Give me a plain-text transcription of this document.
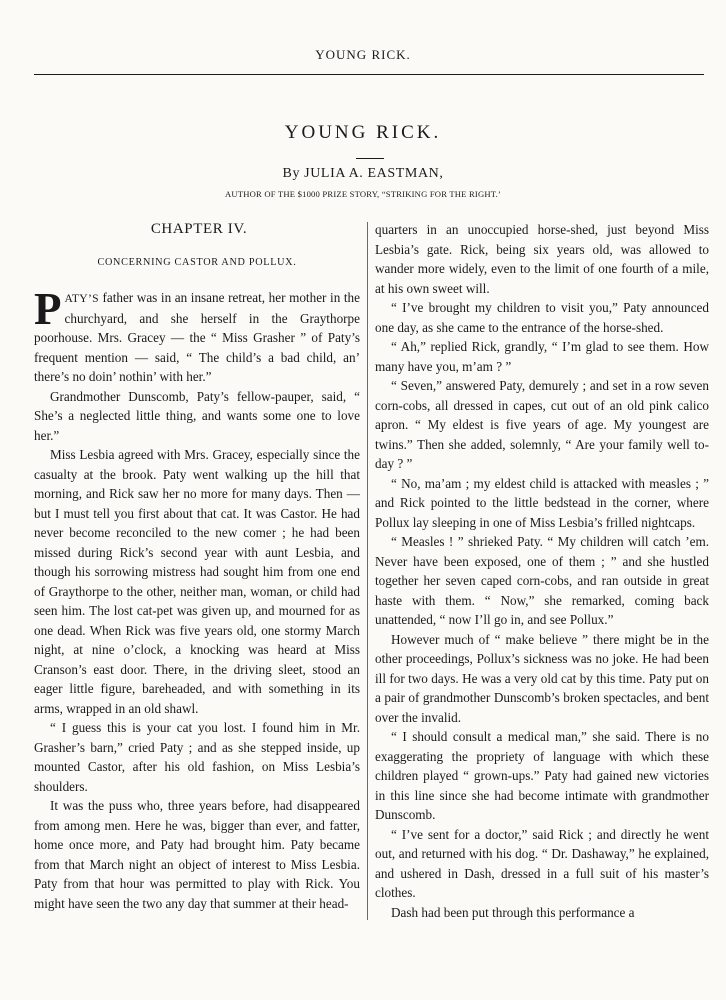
YOUNG RICK.
YOUNG RICK.
By JULIA A. EASTMAN,
AUTHOR OF THE $1000 PRIZE STORY, “STRIKING FOR THE RIGHT.’
CHAPTER IV.
CONCERNING CASTOR AND POLLUX.

PATY’S father was in an insane retreat, her mother in the churchyard, and she herself in the Graythorpe poorhouse. Mrs. Gracey — the “ Miss Grasher ” of Paty’s frequent mention — said, “ The child’s a bad child, an’ there’s no doin’ nothin’ with her.”

Grandmother Dunscomb, Paty’s fellow-pauper, said, “ She’s a neglected little thing, and wants some one to love her.”

Miss Lesbia agreed with Mrs. Gracey, especially since the casualty at the brook. Paty went walking up the hill that morning, and Rick saw her no more for many days. Then — but I must tell you first about that cat. It was Castor. He had never become reconciled to the new comer ; he had been missed during Rick’s second year with aunt Lesbia, and though his sorrowing mistress had sought him from one end of Graythorpe to the other, neither man, woman, or child had seen him. The lost cat-pet was given up, and mourned for as one dead. When Rick was five years old, one stormy March night, at nine o’clock, a knocking was heard at Miss Cranson’s east door. There, in the driving sleet, stood an eager little figure, bareheaded, and with something in its arms, wrapped in an old shawl.

“ I guess this is your cat you lost. I found him in Mr. Grasher’s barn,” cried Paty ; and as she stepped inside, up mounted Castor, after his old fashion, on Miss Lesbia’s shoulders.

It was the puss who, three years before, had disappeared from among men. Here he was, bigger than ever, and fatter, home once more, and Paty had brought him. Paty became from that March night an object of interest to Miss Lesbia. Paty from that hour was permitted to play with Rick. You might have seen the two any day that summer at their head-

quarters in an unoccupied horse-shed, just beyond Miss Lesbia’s gate. Rick, being six years old, was allowed to wander more widely, even to the limit of one fourth of a mile, at his own sweet will.

“ I’ve brought my children to visit you,” Paty announced one day, as she came to the entrance of the horse-shed.

“ Ah,” replied Rick, grandly, “ I’m glad to see them. How many have you, m’am ? ”

“ Seven,” answered Paty, demurely ; and set in a row seven corn-cobs, all dressed in capes, cut out of an old pink calico apron. “ My eldest is five years of age. My youngest are twins.” Then she added, solemnly, “ Are your family well to-day ? ”

“ No, ma’am ; my eldest child is attacked with measles ; ” and Rick pointed to the little bedstead in the corner, where Pollux lay sleeping in one of Miss Lesbia’s frilled nightcaps.

“ Measles ! ” shrieked Paty. “ My children will catch ’em. Never have been exposed, one of them ; ” and she hustled together her seven caped corn-cobs, and ran outside in great haste with them. “ Now,” she remarked, coming back unattended, “ now I’ll go in, and see Pollux.”

However much of “ make believe ” there might be in the other proceedings, Pollux’s sickness was no joke. He had been ill for two days. He was a very old cat by this time. Paty put on a pair of grandmother Dunscomb’s broken spectacles, and bent over the invalid.

“ I should consult a medical man,” she said. There is no exaggerating the propriety of language with which these children played “ grown-ups.” Paty had gained new victories in this line since she had become intimate with grandmother Dunscomb.

“ I’ve sent for a doctor,” said Rick ; and directly he went out, and returned with his dog. “ Dr. Dashaway,” he explained, and ushered in Dash, dressed in a full suit of his master’s clothes.

Dash had been put through this performance a
